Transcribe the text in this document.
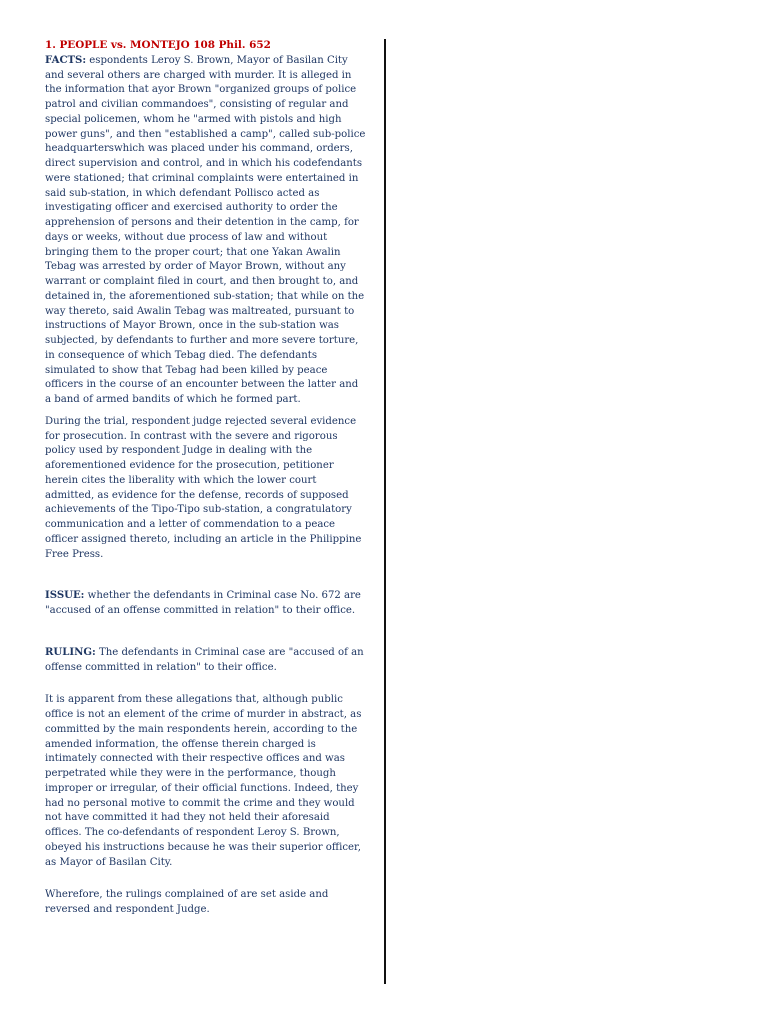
1. PEOPLE vs. MONTEJO 108 Phil. 652

FACTS: espondents Leroy S. Brown, Mayor of Basilan City and several others are charged with murder. It is alleged in the information that ayor Brown "organized groups of police patrol and civilian commandoes", consisting of regular and special policemen, whom he "armed with pistols and high power guns", and then "established a camp", called sub-police headquarterswhich was placed under his command, orders, direct supervision and control, and in which his codefendants were stationed; that criminal complaints were entertained in said sub-station, in which defendant Pollisco acted as investigating officer and exercised authority to order the apprehension of persons and their detention in the camp, for days or weeks, without due process of law and without bringing them to the proper court; that one Yakan Awalin Tebag was arrested by order of Mayor Brown, without any warrant or complaint filed in court, and then brought to, and detained in, the aforementioned sub-station; that while on the way thereto, said Awalin Tebag was maltreated, pursuant to instructions of Mayor Brown, once in the sub-station was subjected, by defendants to further and more severe torture, in consequence of which Tebag died. The defendants simulated to show that Tebag had been killed by peace officers in the course of an encounter between the latter and a band of armed bandits of which he formed part.

During the trial, respondent judge rejected several evidence for prosecution. In contrast with the severe and rigorous policy used by respondent Judge in dealing with the aforementioned evidence for the prosecution, petitioner herein cites the liberality with which the lower court admitted, as evidence for the defense, records of supposed achievements of the Tipo-Tipo sub-station, a congratulatory communication and a letter of commendation to a peace officer assigned thereto, including an article in the Philippine Free Press.

ISSUE: whether the defendants in Criminal case No. 672 are "accused of an offense committed in relation" to their office.

RULING: The defendants in Criminal case are "accused of an offense committed in relation" to their office.

It is apparent from these allegations that, although public office is not an element of the crime of murder in abstract, as committed by the main respondents herein, according to the amended information, the offense therein charged is intimately connected with their respective offices and was perpetrated while they were in the performance, though improper or irregular, of their official functions. Indeed, they had no personal motive to commit the crime and they would not have committed it had they not held their aforesaid offices. The co-defendants of respondent Leroy S. Brown, obeyed his instructions because he was their superior officer, as Mayor of Basilan City.

Wherefore, the rulings complained of are set aside and reversed and respondent Judge.
